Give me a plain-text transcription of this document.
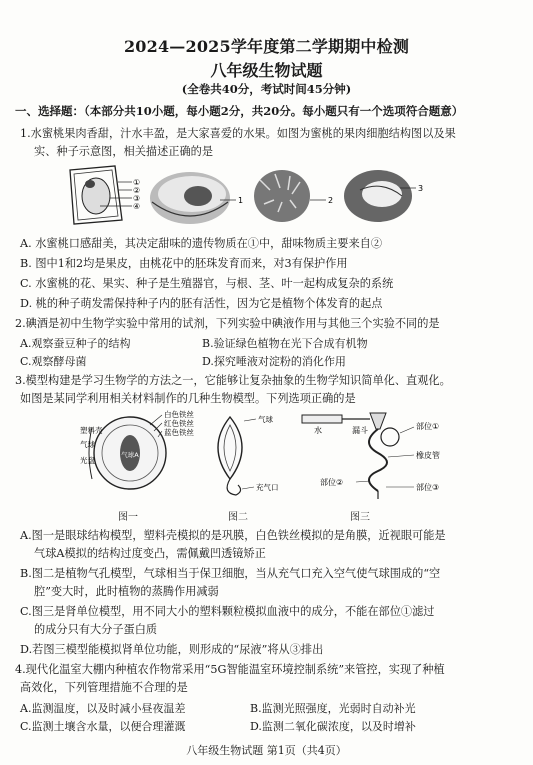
2024—2025学年度第二学期期中检测
八年级生物试题
(全卷共40分，考试时间45分钟)
一、选择题：（本部分共10小题，每小题2分，共20分。每小题只有一个选项符合题意）
1.水蜜桃果肉香甜，汁水丰盈，是大家喜爱的水果。如图为蜜桃的果肉细胞结构图以及果
实、种子示意图，相关描述正确的是
①
②
③
④
1	2
3
A. 水蜜桃口感甜美，其决定甜味的遗传物质在①中，甜味物质主要来自②
B. 图中1和2均是果皮，由桃花中的胚珠发育而来，对3有保护作用
C. 水蜜桃的花、果实、种子是生殖器官，与根、茎、叶一起构成复杂的系统
D. 桃的种子萌发需保持种子内的胚有活性，因为它是植物个体发育的起点
2.碘酒是初中生物学实验中常用的试剂，下列实验中碘液作用与其他三个实验不同的是
A.观察蚕豆种子的结构	B.验证绿色植物在光下合成有机物
C.观察酵母菌	D.探究唾液对淀粉的消化作用
3.模型构建是学习生物学的方法之一，它能够让复杂抽象的生物学知识简单化、直观化。
如图是某同学利用相关材料制作的几种生物模型。下列选项正确的是
塑料壳
气球
光盘
气球A
白色铁丝
红色铁丝
蓝色铁丝
气球
充气口
水	漏斗	部位①
橡皮管
部位②
部位③
图一	图二	图三
A.图一是眼球结构模型，塑料壳模拟的是巩膜，白色铁丝模拟的是角膜，近视眼可能是
气球A模拟的结构过度变凸，需佩戴凹透镜矫正
B.图二是植物气孔模型，气球相当于保卫细胞，当从充气口充入空气使气球围成的“空
腔”变大时，此时植物的蒸腾作用减弱
C.图三是肾单位模型，用不同大小的塑料颗粒模拟血液中的成分，不能在部位①滤过
的成分只有大分子蛋白质
D.若图三模型能模拟肾单位功能，则形成的“尿液”将从③排出
4.现代化温室大棚内种植农作物常采用“5G智能温室环境控制系统”来管控，实现了种植
高效化，下列管理措施不合理的是
A.监测温度，以及时减小昼夜温差	B.监测光照强度，光弱时自动补光
C.监测土壤含水量，以便合理灌溉	D.监测二氧化碳浓度，以及时增补
八年级生物试题 第1页（共4页）
